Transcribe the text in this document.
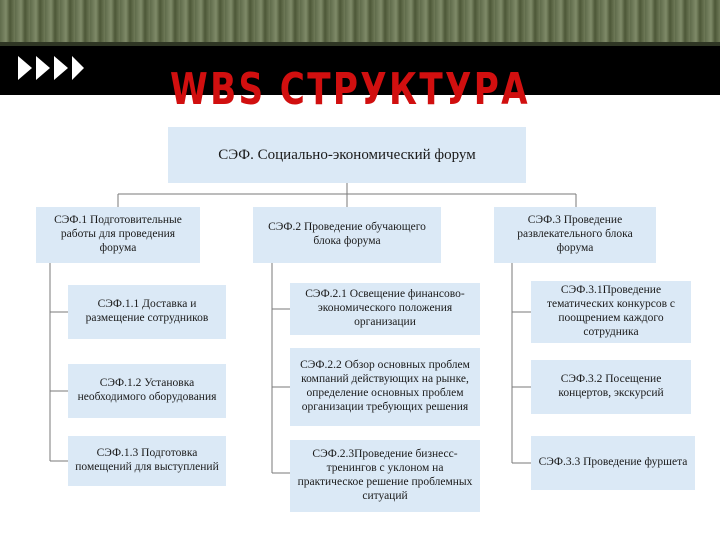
WBS СТРУКТУРА
СЭФ. Социально-экономический форум
СЭФ.1 Подготовительные работы для проведения форума
СЭФ.2 Проведение обучающего блока форума
СЭФ.3 Проведение развлекательного блока форума
СЭФ.1.1 Доставка и размещение сотрудников
СЭФ.1.2 Установка необходимого оборудования
СЭФ.1.3 Подготовка помещений для выступлений
СЭФ.2.1 Освещение финансово-экономического положения организации
СЭФ.2.2 Обзор основных проблем компаний действующих на рынке, определение основных проблем организации требующих решения
СЭФ.2.3Проведение бизнесс-тренингов с уклоном на практическое решение проблемных ситуаций
СЭФ.3.1Проведение тематических конкурсов с поощрением каждого сотрудника
СЭФ.3.2 Посещение концертов, экскурсий
СЭФ.3.3 Проведение фуршета
